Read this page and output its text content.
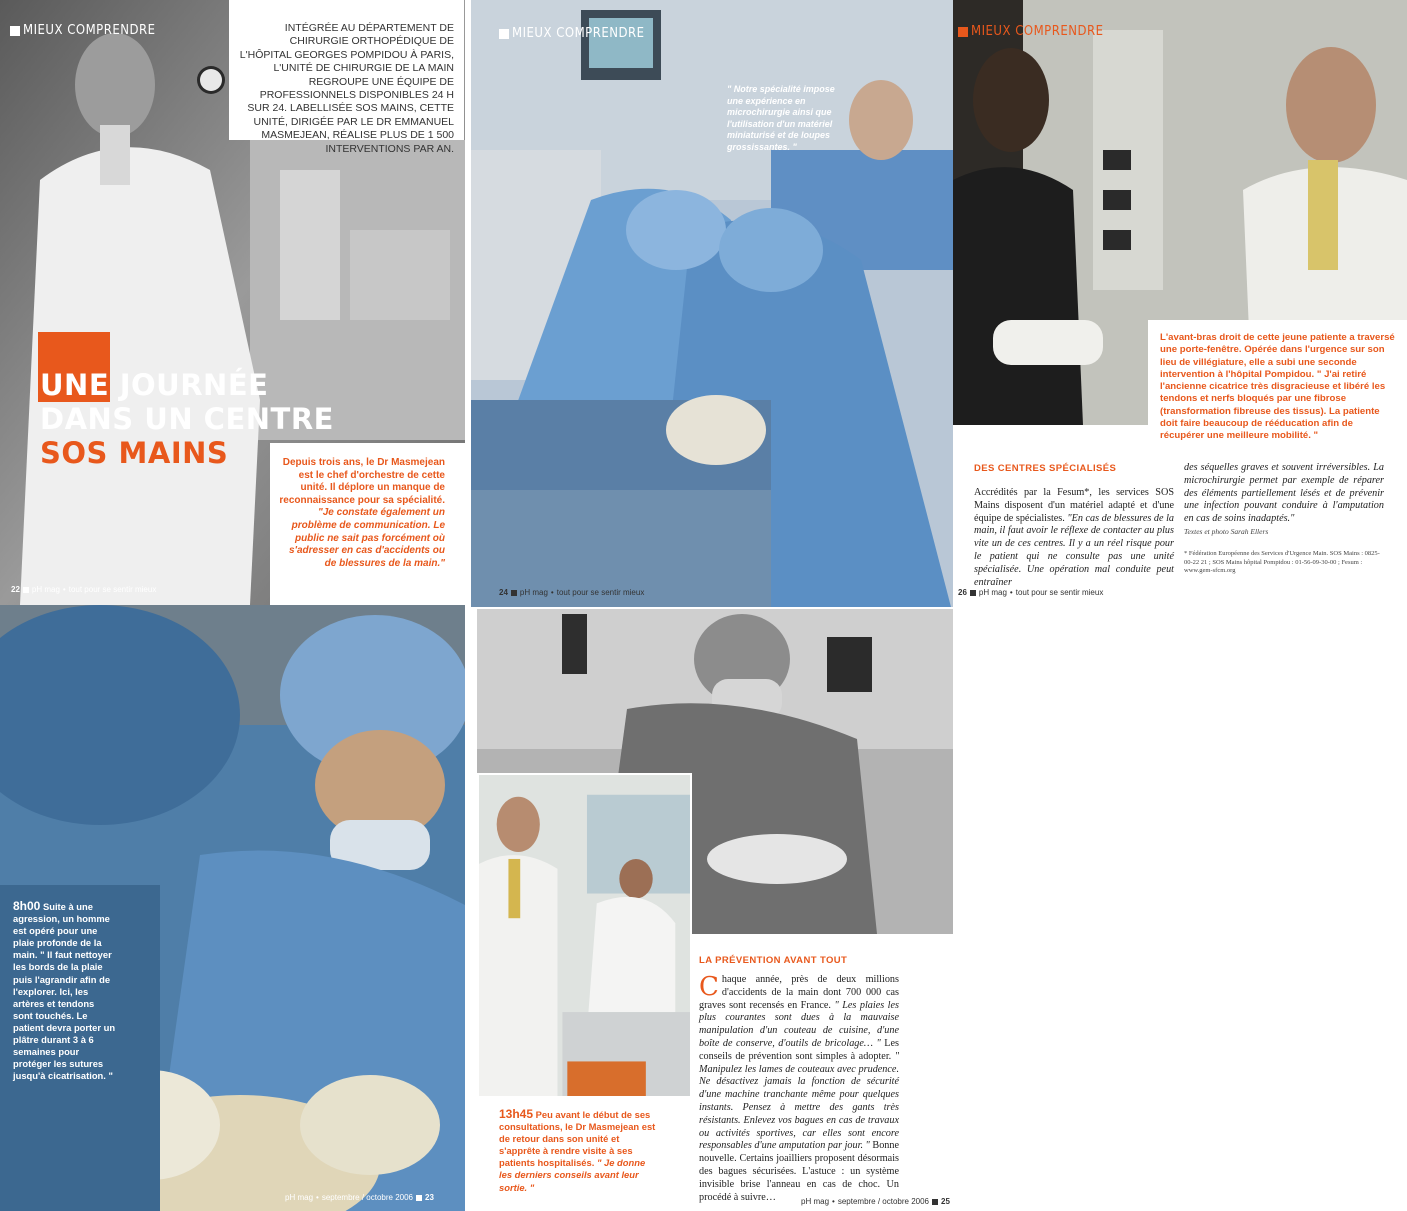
MIEUX COMPRENDRE	INTÉGRÉE AU DÉPARTEMENT DE CHIRURGIE ORTHOPÉDIQUE DE L'HÔPITAL GEORGES POMPIDOU À PARIS, L'UNITÉ DE CHIRURGIE DE LA MAIN REGROUPE UNE ÉQUIPE DE PROFESSIONNELS DISPONIBLES 24 H SUR 24. LABELLISÉE SOS MAINS, CETTE UNITÉ, DIRIGÉE PAR LE DR EMMANUEL MASMEJEAN, RÉALISE PLUS DE 1 500 INTERVENTIONS PAR AN.
UNE JOURNÉE
DANS UN CENTRE
SOS MAINS	Depuis trois ans, le Dr Masmejean est le chef d'orchestre de cette unité. Il déplore un manque de reconnaissance pour sa spécialité. "Je constate également un problème de communication. Le public ne sait pas forcément où s'adresser en cas d'accidents ou de blessures de la main."

22 pH mag • tout pour se sentir mieux
MIEUX COMPRENDRE
" Notre spécialité impose une expérience en microchirurgie ainsi que l'utilisation d'un matériel miniaturisé et de loupes grossissantes. "
24 pH mag • tout pour se sentir mieux
MIEUX COMPRENDRE

L'avant-bras droit de cette jeune patiente a traversé une porte-fenêtre. Opérée dans l'urgence sur son lieu de villégiature, elle a subi une seconde intervention à l'hôpital Pompidou. " J'ai retiré l'ancienne cicatrice très disgracieuse et libéré les tendons et nerfs bloqués par une fibrose (transformation fibreuse des tissus). La patiente doit faire beaucoup de rééducation afin de récupérer une meilleure mobilité. "

DES CENTRES SPÉCIALISÉS
Accrédités par la Fesum*, les services SOS Mains disposent d'un matériel adapté et d'une équipe de spécialistes. "En cas de blessures de la main, il faut avoir le réflexe de contacter au plus vite un de ces centres. Il y a un réel risque pour le patient qui ne consulte pas une unité spécialisée. Une opération mal conduite peut entraîner

des séquelles graves et souvent irréversibles. La microchirurgie permet par exemple de réparer des éléments partiellement lésés et de prévenir une infection pouvant conduire à l'amputation en cas de soins inadaptés."

Textes et photo Sarah Ellers

* Fédération Européenne des Services d'Urgence Main. SOS Mains : 0825-00-22 21 ; SOS Mains hôpital Pompidou : 01-56-09-30-00 ; Fesum : www.gem-sfcm.org

26 pH mag • tout pour se sentir mieux
8h00 Suite à une agression, un homme est opéré pour une plaie profonde de la main. " Il faut nettoyer les bords de la plaie puis l'agrandir afin de l'explorer. Ici, les artères et tendons sont touchés. Le patient devra porter un plâtre durant 3 à 6 semaines pour protéger les sutures jusqu'à cicatrisation. "
pH mag • septembre / octobre 2006 23

13h45 Peu avant le début de ses consultations, le Dr Masmejean est de retour dans son unité et s'apprête à rendre visite à ses patients hospitalisés. " Je donne les derniers conseils avant leur sortie. "

LA PRÉVENTION AVANT TOUT
Chaque année, près de deux millions d'accidents de la main dont 700 000 cas graves sont recensés en France. " Les plaies les plus courantes sont dues à la mauvaise manipulation d'un couteau de cuisine, d'une boîte de conserve, d'outils de bricolage… " Les conseils de prévention sont simples à adopter. " Manipulez les lames de couteaux avec prudence. Ne désactivez jamais la fonction de sécurité d'une machine tranchante même pour quelques instants. Pensez à mettre des gants très résistants. Enlevez vos bagues en cas de travaux ou activités sportives, car elles sont encore responsables d'une amputation par jour. " Bonne nouvelle. Certains joailliers proposent désormais des bagues sécurisées. L'astuce : un système invisible brise l'anneau en cas de choc. Un procédé à suivre…	pH mag • septembre / octobre 2006 25
